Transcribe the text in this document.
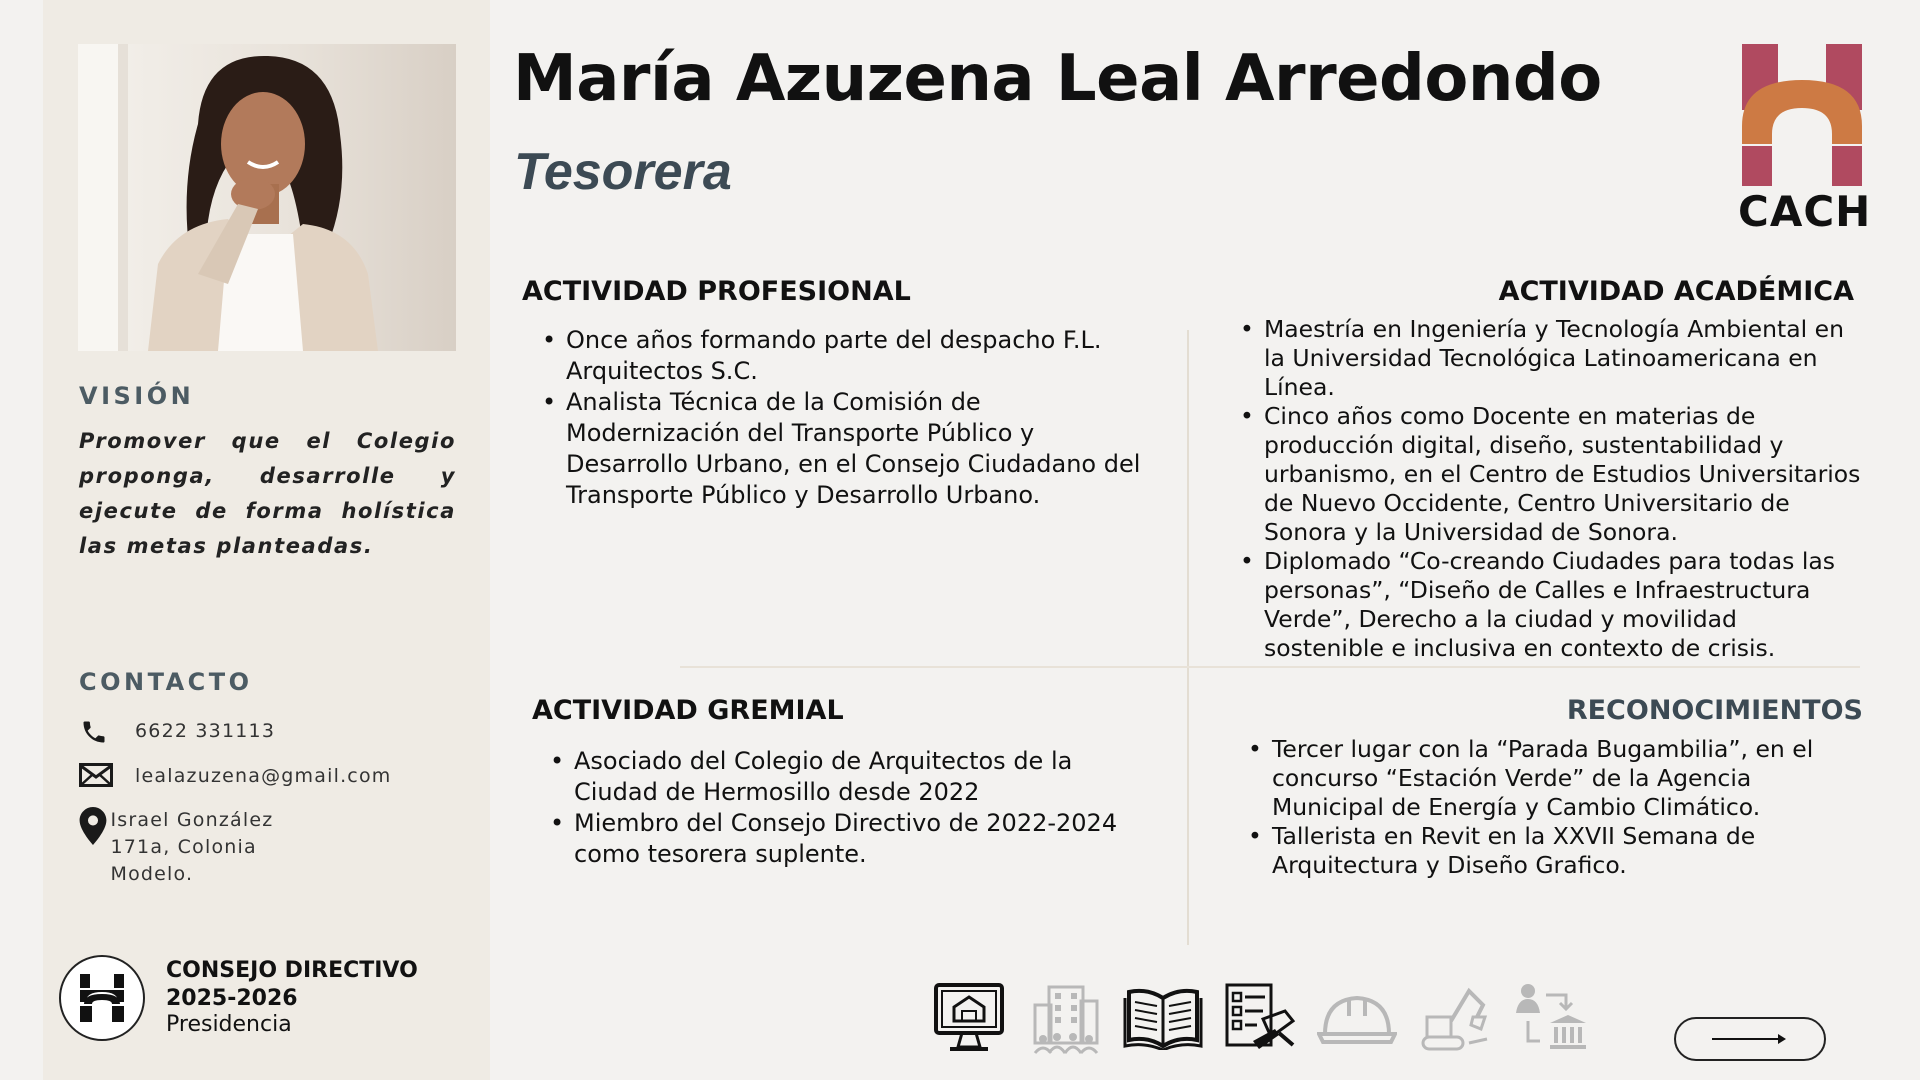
VISIÓN

Promover que el Colegio proponga, desarrolle y ejecute de forma holística las metas planteadas.

CONTACTO
6622 331113
lealazuzena@gmail.com
Israel González 171a, Colonia Modelo.
CONSEJO DIRECTIVO
2025-2026
Presidencia
María Azuzena Leal Arredondo
Tesorera
CACH
ACTIVIDAD PROFESIONAL
• Once años formando parte del despacho F.L. Arquitectos S.C.
• Analista Técnica de la Comisión de Modernización del Transporte Público y Desarrollo Urbano, en el Consejo Ciudadano del Transporte Público y Desarrollo Urbano.
ACTIVIDAD ACADÉMICA
• Maestría en Ingeniería y Tecnología Ambiental en la Universidad Tecnológica Latinoamericana en Línea.
• Cinco años como Docente en materias de producción digital, diseño, sustentabilidad y urbanismo, en el Centro de Estudios Universitarios de Nuevo Occidente, Centro Universitario de Sonora y la Universidad de Sonora.
• Diplomado “Co-creando Ciudades para todas las personas”, “Diseño de Calles e Infraestructura Verde”, Derecho a la ciudad y movilidad sostenible e inclusiva en contexto de crisis.
ACTIVIDAD GREMIAL
• Asociado del Colegio de Arquitectos de la Ciudad de Hermosillo desde 2022
• Miembro del Consejo Directivo de 2022-2024 como tesorera suplente.
RECONOCIMIENTOS
• Tercer lugar con la “Parada Bugambilia”, en el concurso “Estación Verde” de la Agencia Municipal de Energía y Cambio Climático.
• Tallerista en Revit en la XXVII Semana de Arquitectura y Diseño Grafico.
